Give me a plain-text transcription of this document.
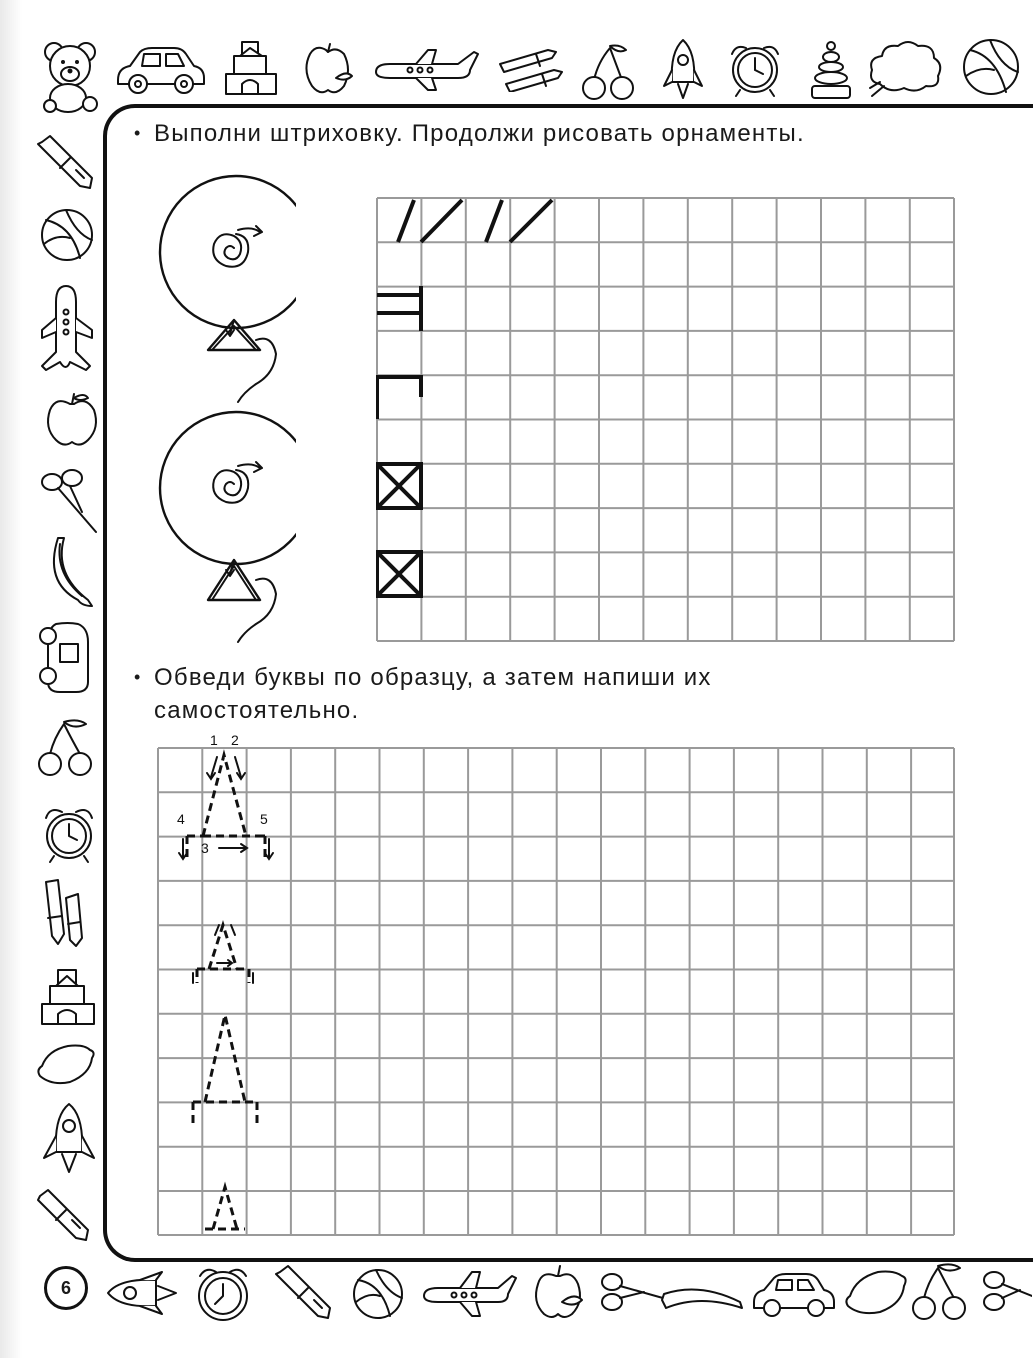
6
• Выполни штриховку. Продолжи рисовать орнаменты.
• Обведи буквы по образцу, а затем напиши их
самостоятельно.
1 2
3
4	5
